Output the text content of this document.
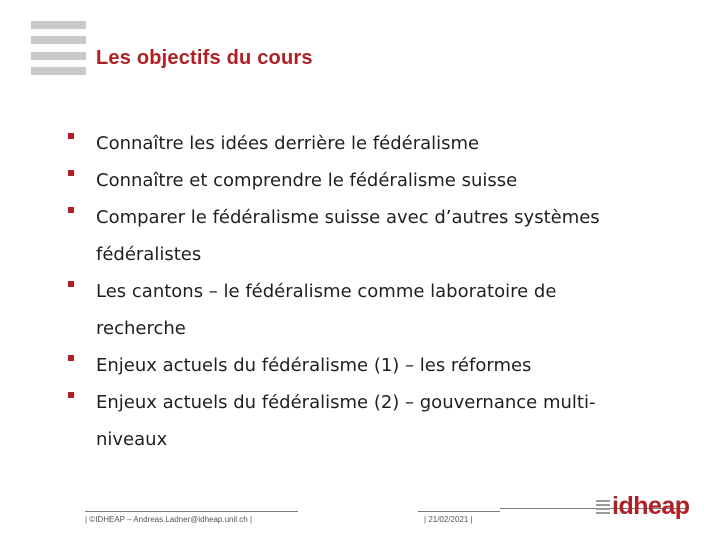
Les objectifs du cours
Connaître les idées derrière le fédéralisme
Connaître et comprendre le fédéralisme suisse
Comparer le fédéralisme suisse avec d’autres systèmes
fédéralistes
Les cantons – le fédéralisme comme laboratoire de
recherche
Enjeux actuels du fédéralisme (1) – les réformes
Enjeux actuels du fédéralisme (2) – gouvernance multi-
niveaux
| ©IDHEAP – Andreas.Ladner@idheap.unil.ch |	| 21/02/2021 |	idheap
